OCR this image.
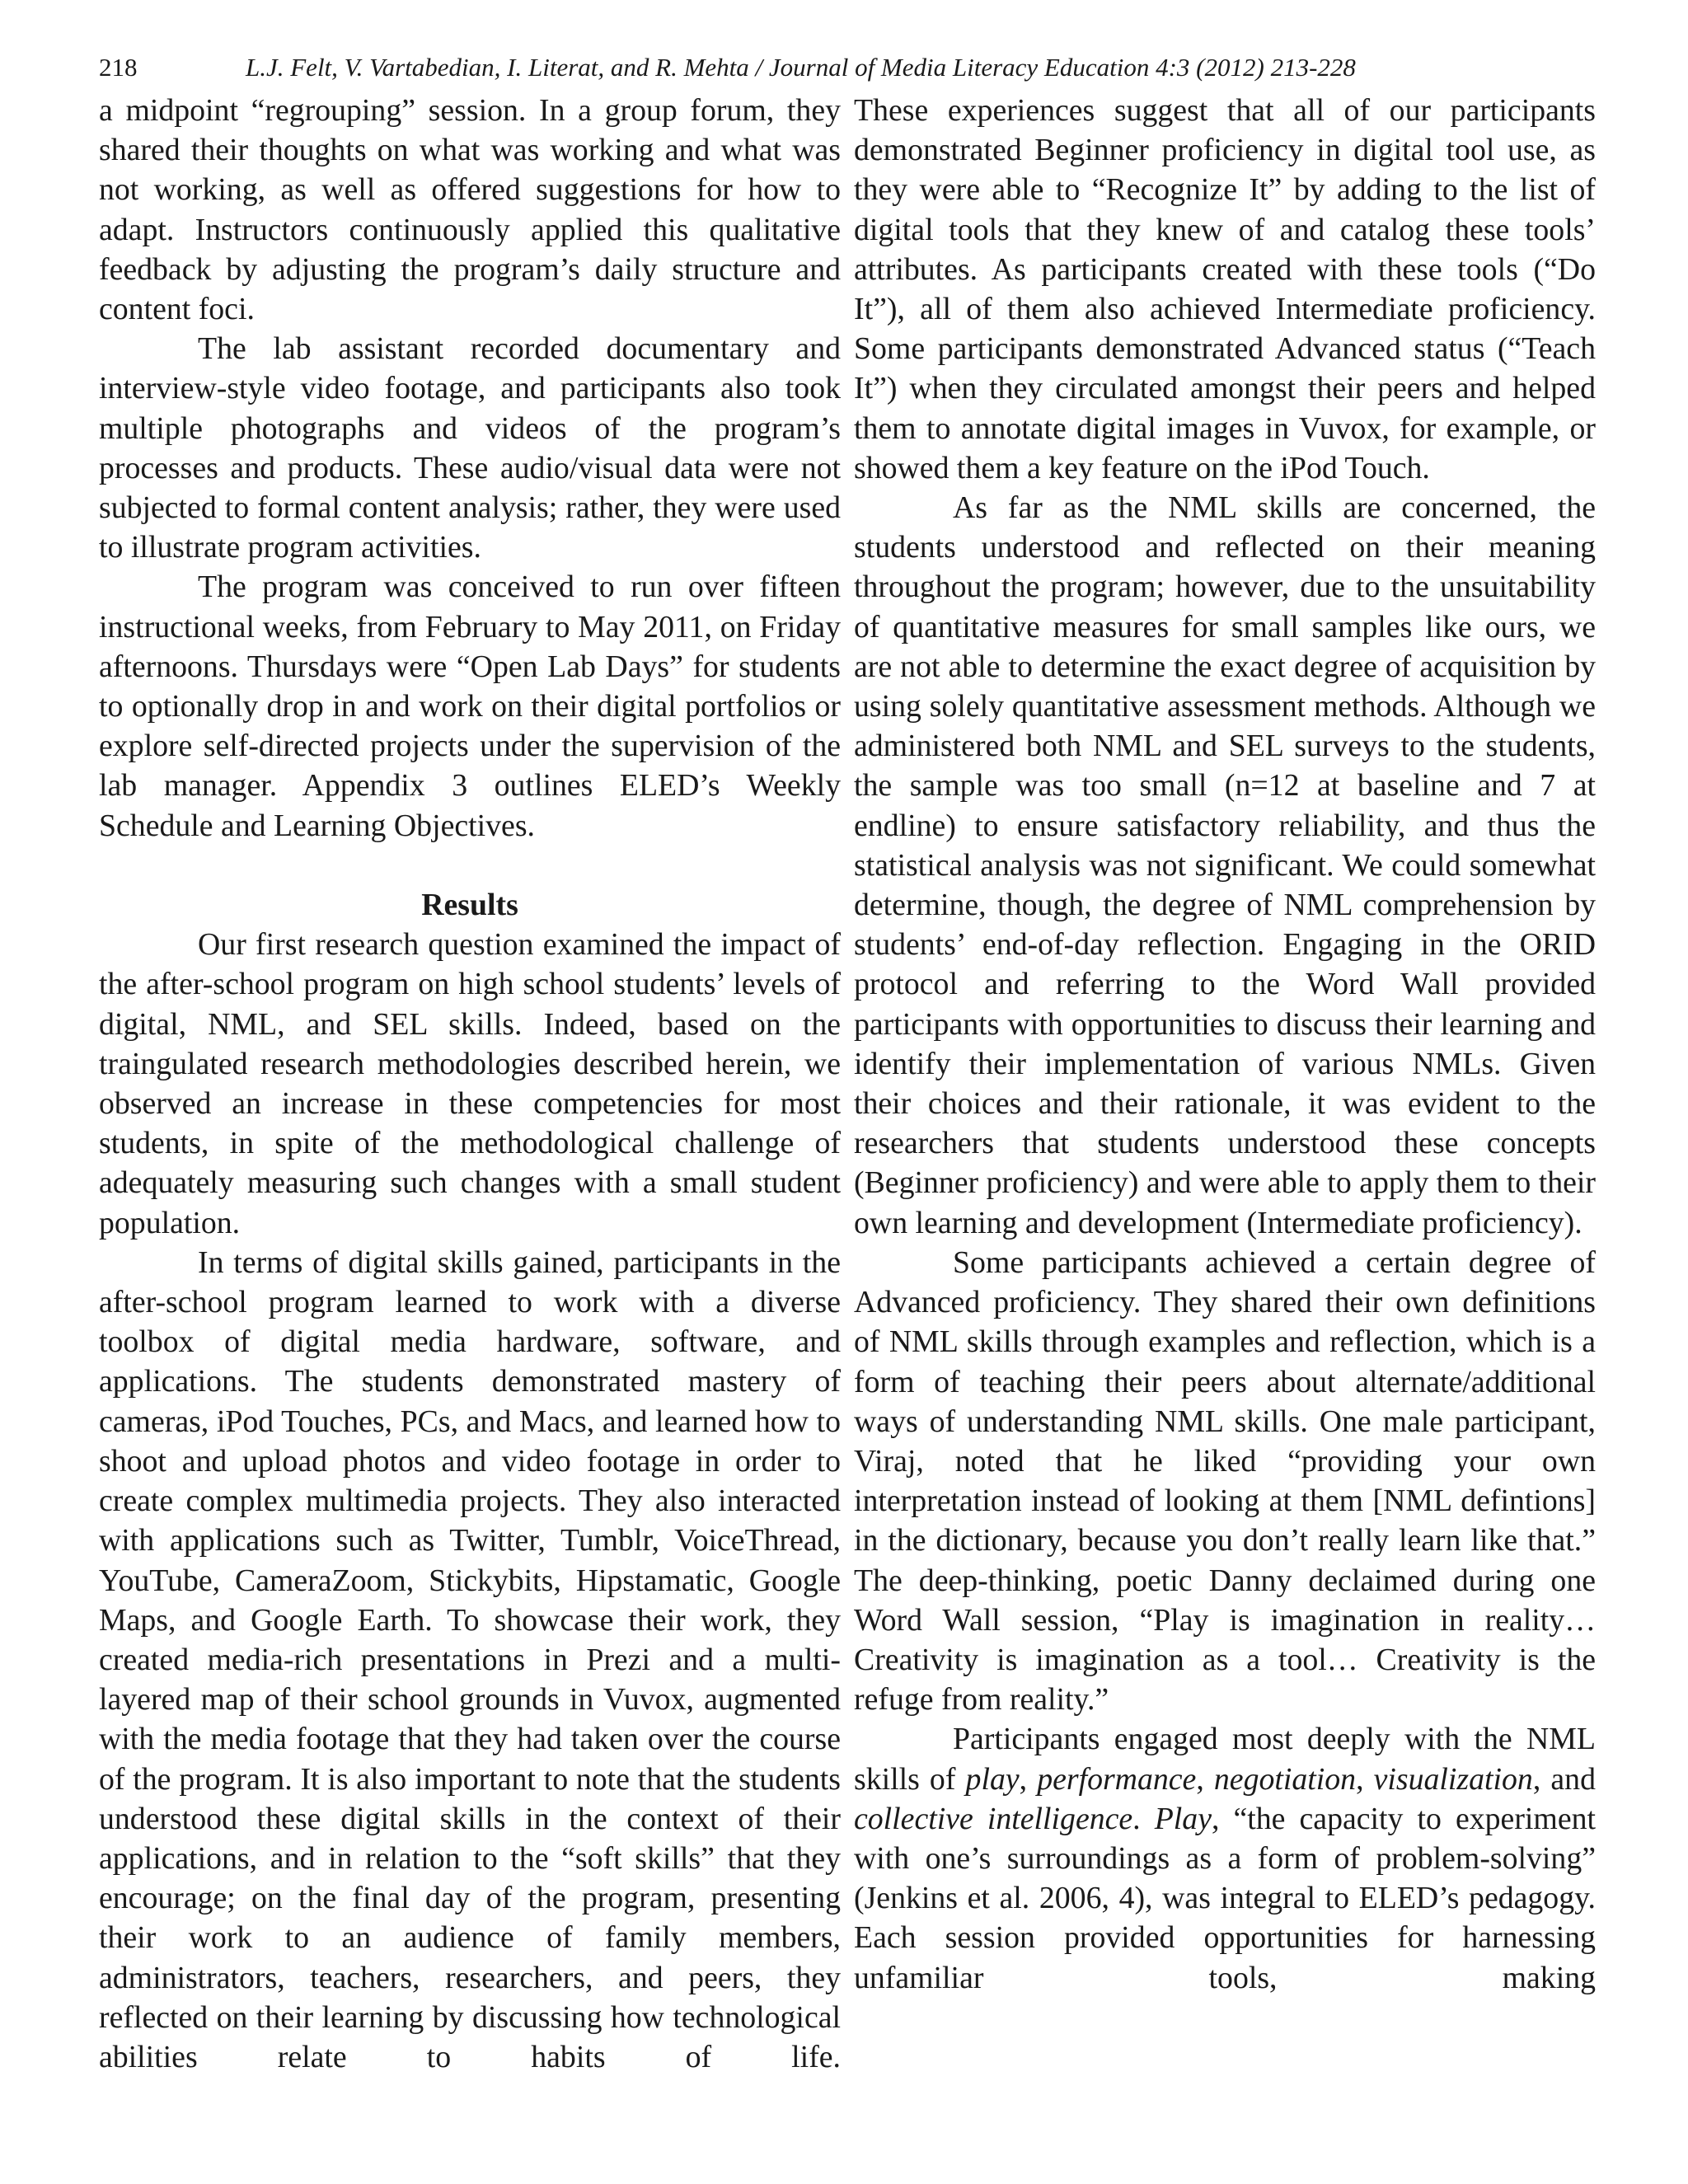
218	L.J. Felt, V. Vartabedian, I. Literat, and R. Mehta / Journal of Media Literacy Education 4:3 (2012) 213-228

a midpoint “regrouping” session. In a group forum, they shared their thoughts on what was working and what was not working, as well as offered suggestions for how to adapt. Instructors continuously applied this qualitative feedback by adjusting the program’s daily structure and content foci.

The lab assistant recorded documentary and interview-style video footage, and participants also took multiple photographs and videos of the program’s processes and products. These audio/visual data were not subjected to formal content analysis; rather, they were used to illustrate program activities.

The program was conceived to run over fifteen instructional weeks, from February to May 2011, on Friday afternoons. Thursdays were “Open Lab Days” for students to optionally drop in and work on their digital portfolios or explore self-directed projects under the supervision of the lab manager. Appendix 3 outlines ELED’s Weekly Schedule and Learning Objectives.

Results

Our first research question examined the impact of the after-school program on high school students’ levels of digital, NML, and SEL skills. Indeed, based on the traingulated research methodologies described herein, we observed an increase in these competencies for most students, in spite of the methodological challenge of adequately measuring such changes with a small student population.

In terms of digital skills gained, participants in the after-school program learned to work with a diverse toolbox of digital media hardware, software, and applications. The students demonstrated mastery of cameras, iPod Touches, PCs, and Macs, and learned how to shoot and upload photos and video footage in order to create complex multimedia projects. They also interacted with applications such as Twitter, Tumblr, VoiceThread, YouTube, CameraZoom, Stickybits, Hipstamatic, Google Maps, and Google Earth. To showcase their work, they created media-rich presentations in Prezi and a multi-layered map of their school grounds in Vuvox, augmented with the media footage that they had taken over the course of the program. It is also important to note that the students understood these digital skills in the context of their applications, and in relation to the “soft skills” that they encourage; on the final day of the program, presenting their work to an audience of family members, administrators, teachers, researchers, and peers, they reflected on their learning by discussing how technological abilities relate to habits of life.

These experiences suggest that all of our participants demonstrated Beginner proficiency in digital tool use, as they were able to “Recognize It” by adding to the list of digital tools that they knew of and catalog these tools’ attributes. As participants created with these tools (“Do It”), all of them also achieved Intermediate proficiency. Some participants demonstrated Advanced status (“Teach It”) when they circulated amongst their peers and helped them to annotate digital images in Vuvox, for example, or showed them a key feature on the iPod Touch.

As far as the NML skills are concerned, the students understood and reflected on their meaning throughout the program; however, due to the unsuitability of quantitative measures for small samples like ours, we are not able to determine the exact degree of acquisition by using solely quantitative assessment methods. Although we administered both NML and SEL surveys to the students, the sample was too small (n=12 at baseline and 7 at endline) to ensure satisfactory reliability, and thus the statistical analysis was not significant. We could somewhat determine, though, the degree of NML comprehension by students’ end-of-day reflection. Engaging in the ORID protocol and referring to the Word Wall provided participants with opportunities to discuss their learning and identify their implementation of various NMLs. Given their choices and their rationale, it was evident to the researchers that students understood these concepts (Beginner proficiency) and were able to apply them to their own learning and development (Intermediate proficiency).

Some participants achieved a certain degree of Advanced proficiency. They shared their own definitions of NML skills through examples and reflection, which is a form of teaching their peers about alternate/additional ways of understanding NML skills. One male participant, Viraj, noted that he liked “providing your own interpretation instead of looking at them [NML defintions] in the dictionary, because you don’t really learn like that.” The deep-thinking, poetic Danny declaimed during one Word Wall session, “Play is imagination in reality… Creativity is imagination as a tool… Creativity is the refuge from reality.”

Participants engaged most deeply with the NML skills of play, performance, negotiation, visualization, and collective intelligence. Play, “the capacity to experiment with one’s surroundings as a form of problem-solving” (Jenkins et al. 2006, 4), was integral to ELED’s pedagogy. Each session provided opportunities for harnessing unfamiliar tools, making
